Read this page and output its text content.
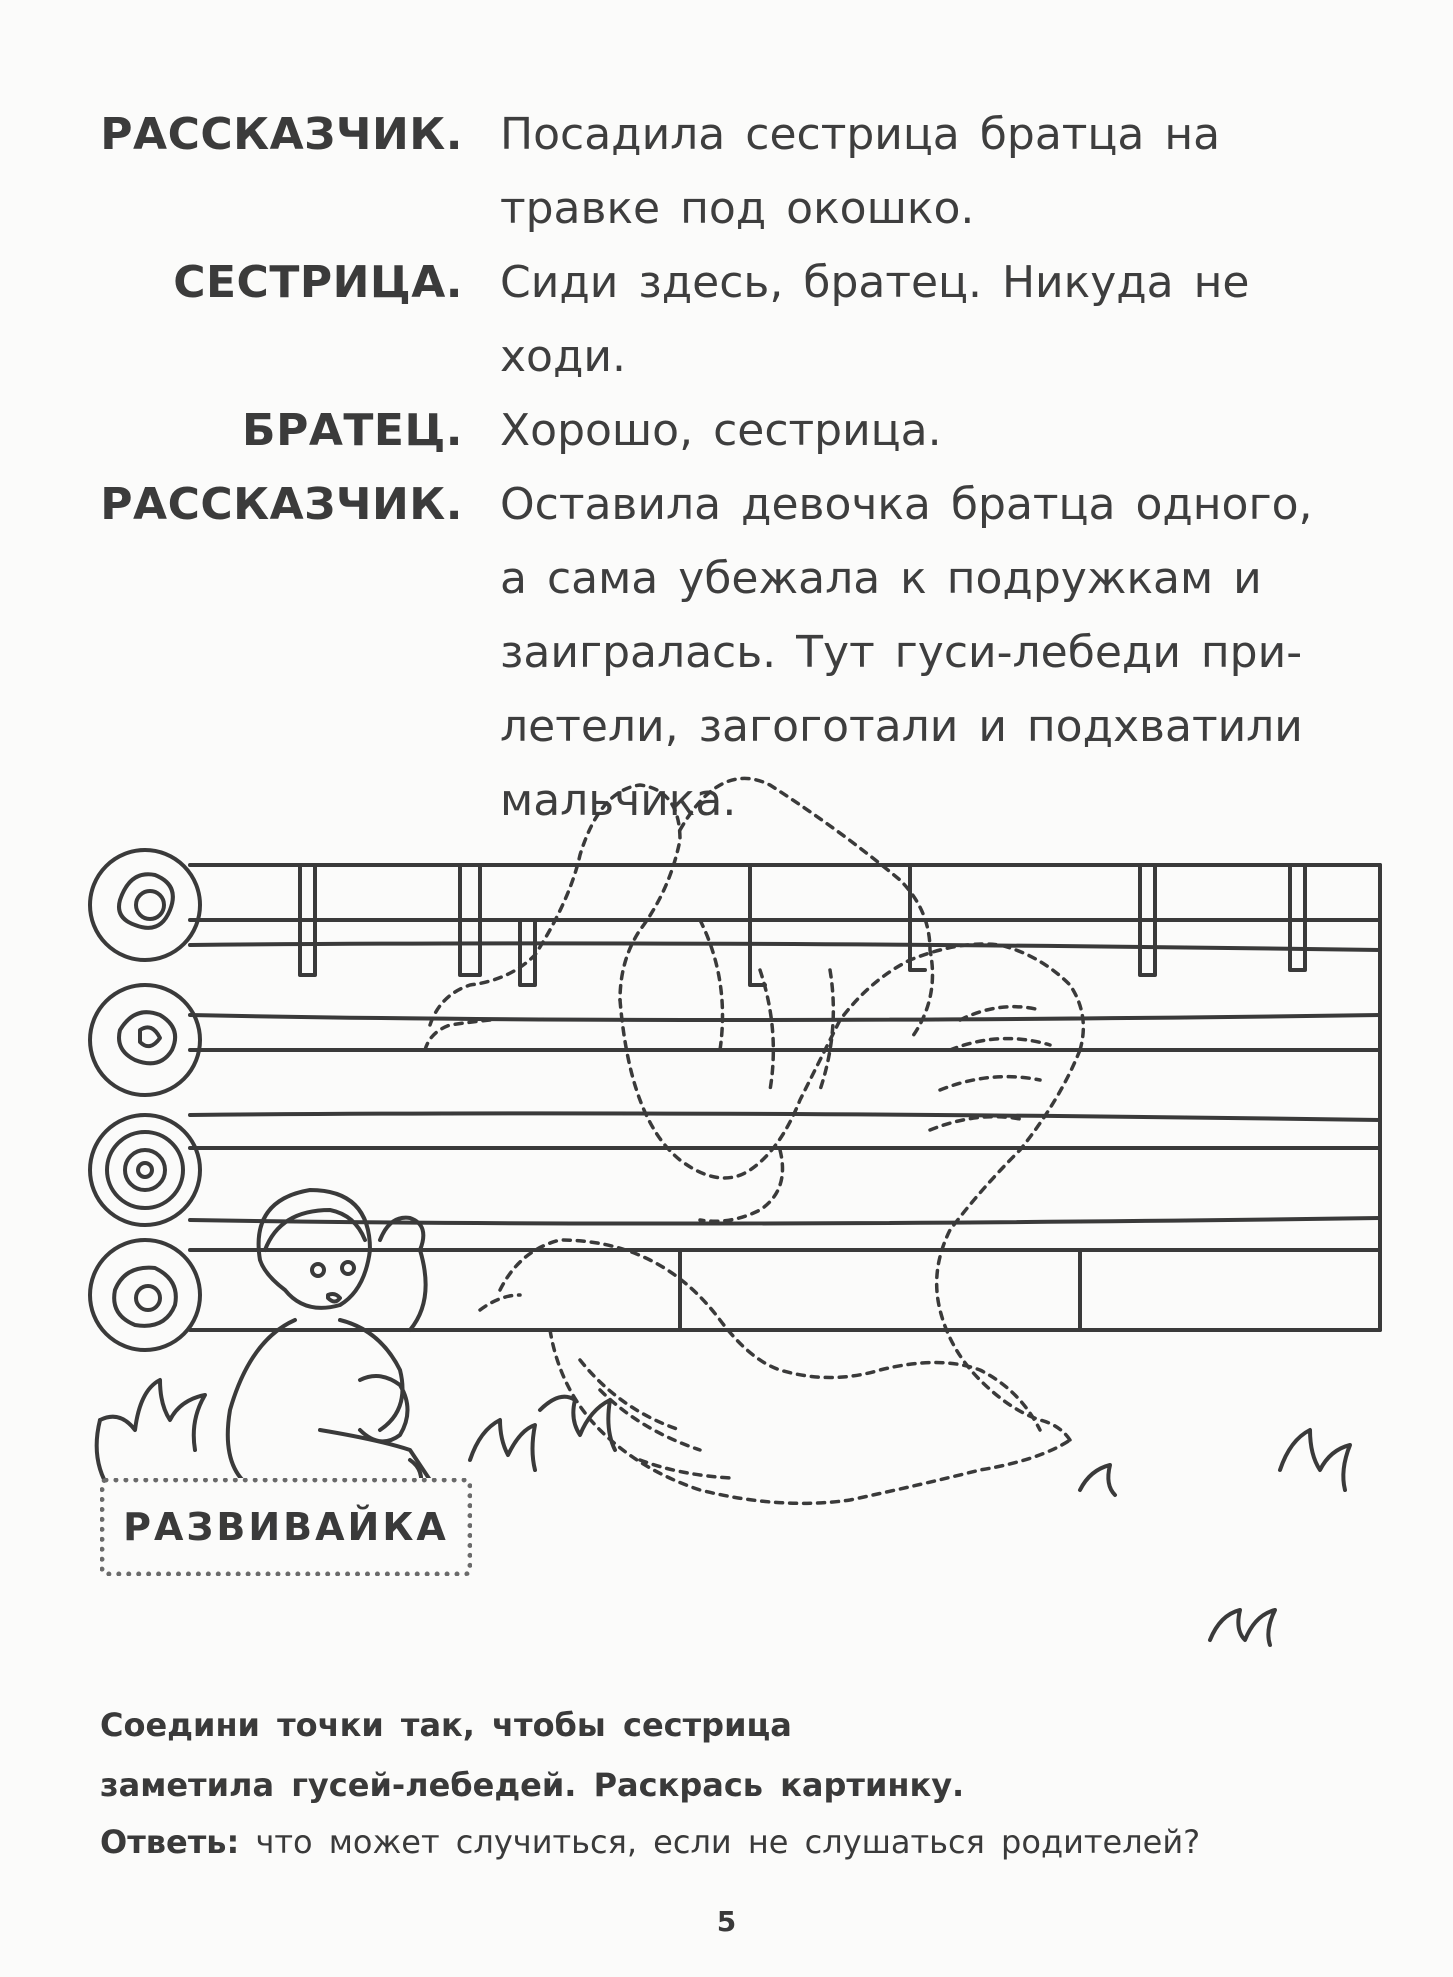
РАССКАЗЧИК. Посадила сестрица братца на
травке под окошко.
СЕСТРИЦА. Сиди здесь, братец. Никуда не
ходи.
БРАТЕЦ. Хорошо, сестрица.
РАССКАЗЧИК. Оставила девочка братца одного,
а сама убежала к подружкам и
заигралась. Тут гуси-лебеди при-
летели, загоготали и подхватили
мальчика.
РАЗВИВАЙКА
Соедини точки так, чтобы сестрица
заметила гусей-лебедей. Раскрась картинку.
Ответь: что может случиться, если не слушаться родителей?
5
